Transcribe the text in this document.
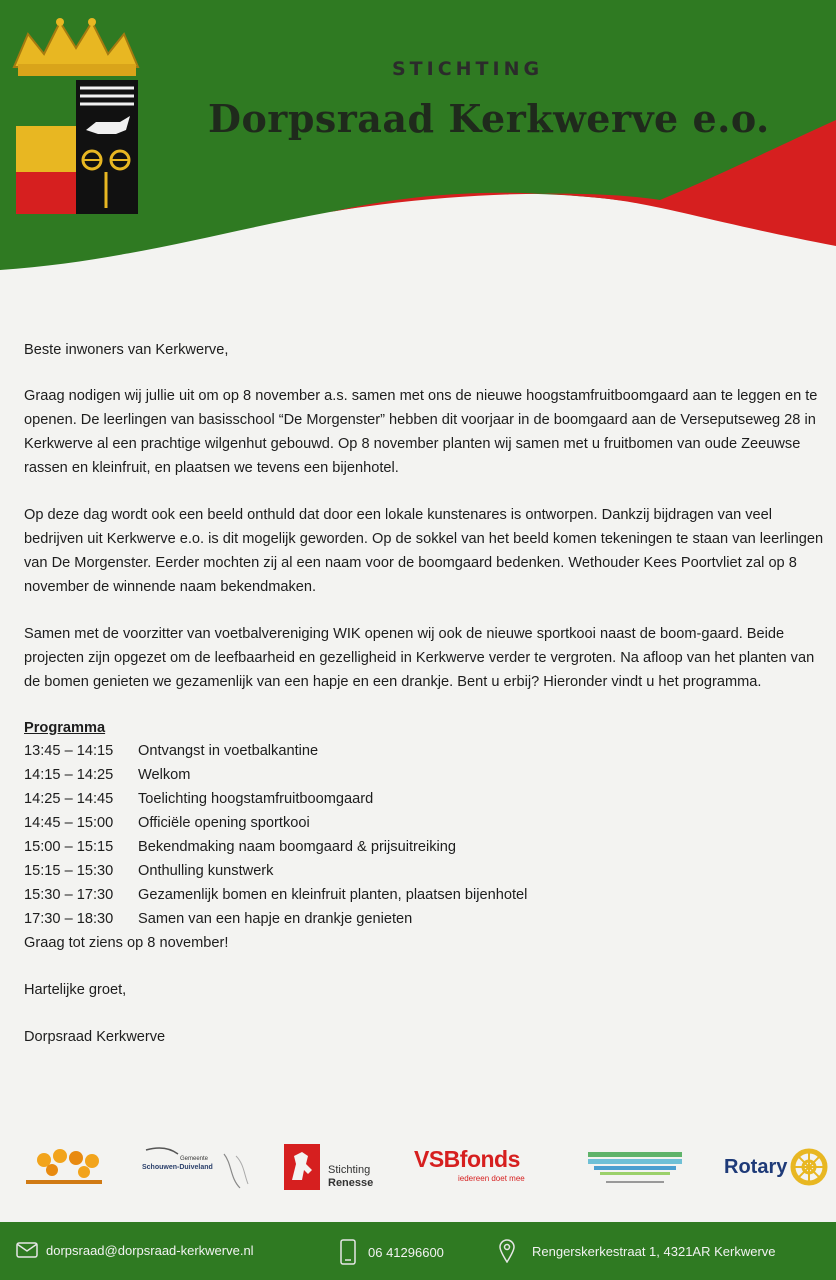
STICHTING
Dorpsraad Kerkwerve e.o.

Beste inwoners van Kerkwerve,

Graag nodigen wij jullie uit om op 8 november a.s. samen met ons de nieuwe hoogstamfruitboomgaard aan te leggen en te openen. De leerlingen van basisschool “De Morgenster” hebben dit voorjaar in de boomgaard aan de Verseputseweg 28 in Kerkwerve al een prachtige wilgenhut gebouwd. Op 8 november planten wij samen met u fruitbomen van oude Zeeuwse rassen en kleinfruit, en plaatsen we tevens een bijenhotel.

Op deze dag wordt ook een beeld onthuld dat door een lokale kunstenares is ontworpen. Dankzij bijdragen van veel bedrijven uit Kerkwerve e.o. is dit mogelijk geworden. Op de sokkel van het beeld komen tekeningen te staan van leerlingen van De Morgenster. Eerder mochten zij al een naam voor de boomgaard bedenken. Wethouder Kees Poortvliet zal op 8 november de winnende naam bekendmaken.

Samen met de voorzitter van voetbalvereniging WIK openen wij ook de nieuwe sportkooi naast de boom-gaard. Beide projecten zijn opgezet om de leefbaarheid en gezelligheid in Kerkwerve verder te vergroten. Na afloop van het planten van de bomen genieten we gezamenlijk van een hapje en een drankje. Bent u erbij? Hieronder vindt u het programma.

Programma
13:45 – 14:15	Ontvangst in voetbalkantine
14:15 – 14:25	Welkom
14:25 – 14:45	Toelichting hoogstamfruitboomgaard
14:45 – 15:00	Officiële opening sportkooi
15:00 – 15:15	Bekendmaking naam boomgaard & prijsuitreiking
15:15 – 15:30	Onthulling kunstwerk
15:30 – 17:30	Gezamenlijk bomen en kleinfruit planten, plaatsen bijenhotel
17:30 – 18:30	Samen van een hapje en drankje genieten

Graag tot ziens op 8 november!

Hartelijke groet,

Dorpsraad Kerkwerve

Gemeente
Schouwen-Duiveland	Stichting
Renesse
VSBfonds
iedereen doet mee
Rotary
dorpsraad@dorpsraad-kerkwerve.nl	06 41296600	Rengerskerkestraat 1, 4321AR Kerkwerve
